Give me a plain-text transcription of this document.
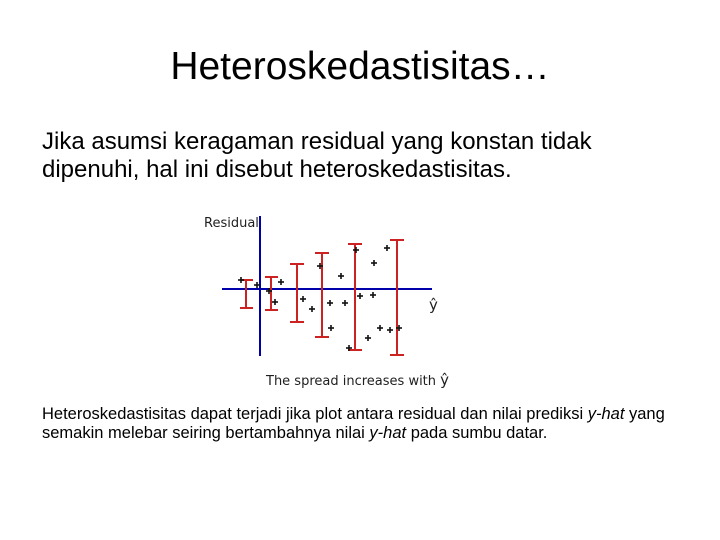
Heteroskedastisitas…
Jika asumsi keragaman residual yang konstan tidak dipenuhi, hal ini disebut heteroskedastisitas.
Residual
ŷ
The spread increases with ŷ
Heteroskedastisitas dapat terjadi jika plot antara residual dan nilai prediksi y-hat yang semakin melebar seiring bertambahnya nilai y-hat pada sumbu datar.
